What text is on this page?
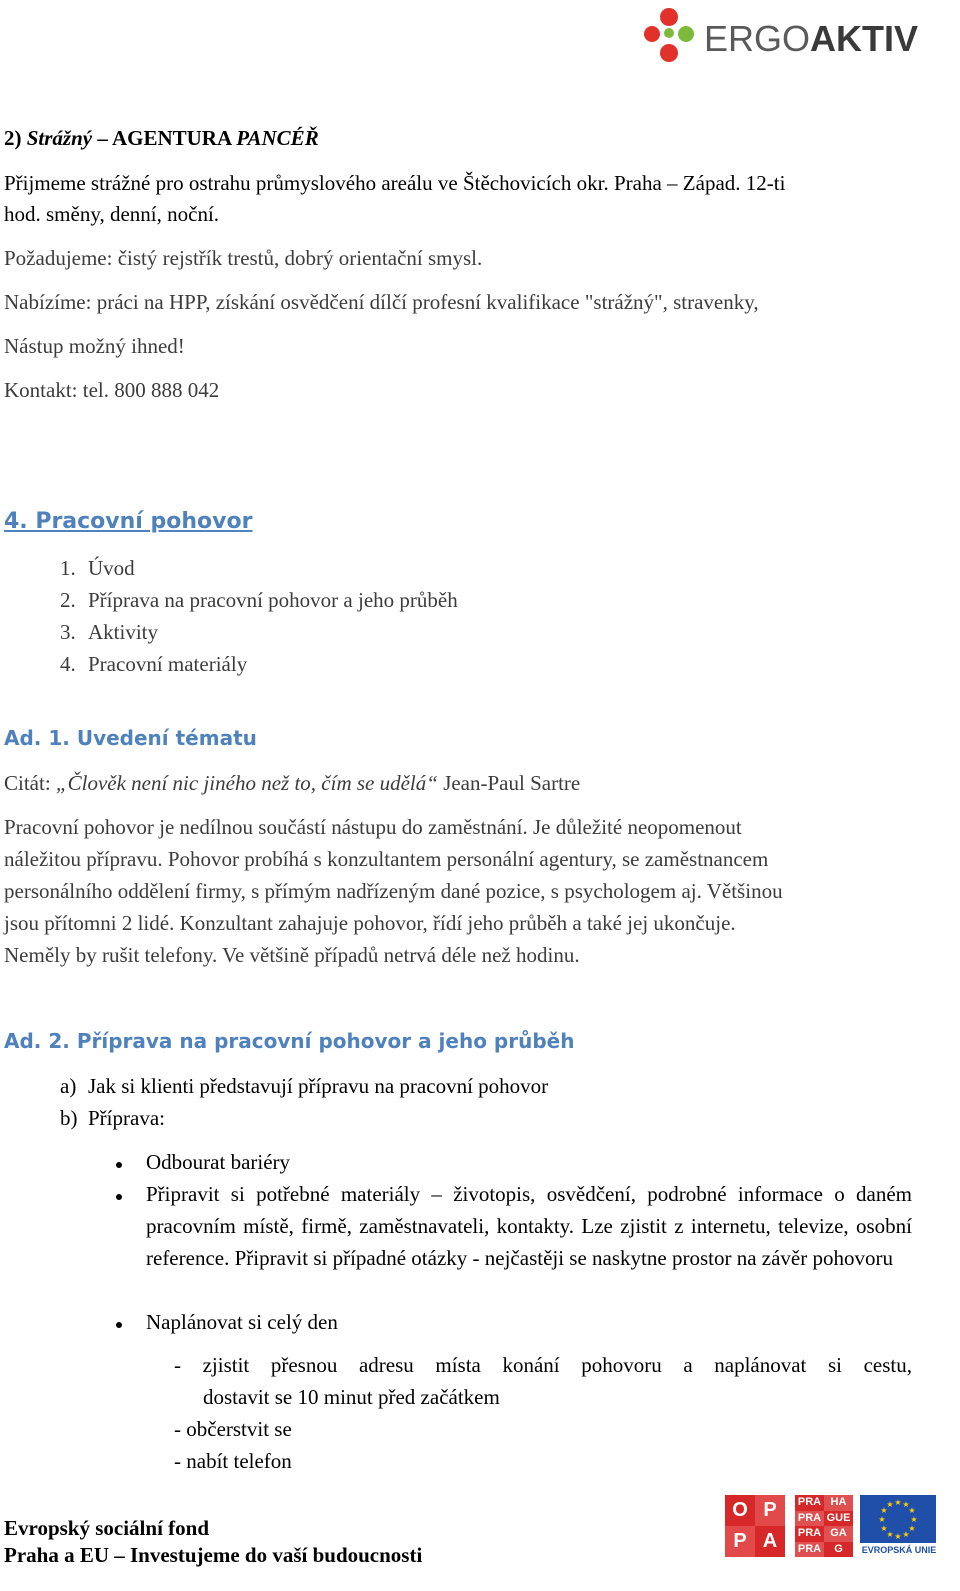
ERGOAKTIV
2) Strážný – AGENTURA PANCÉŘ
Přijmeme strážné pro ostrahu průmyslového areálu ve Štěchovicích okr. Praha – Západ. 12-ti
hod. směny, denní, noční.
Požadujeme: čistý rejstřík trestů, dobrý orientační smysl.
Nabízíme: práci na HPP, získání osvědčení dílčí profesní kvalifikace "strážný", stravenky,
Nástup možný ihned!
Kontakt: tel. 800 888 042
4. Pracovní pohovor
1. Úvod
2. Příprava na pracovní pohovor a jeho průběh
3. Aktivity
4. Pracovní materiály
Ad. 1. Uvedení tématu
Citát: „Člověk není nic jiného než to, čím se udělá“ Jean-Paul Sartre
Pracovní pohovor je nedílnou součástí nástupu do zaměstnání. Je důležité neopomenout
náležitou přípravu. Pohovor probíhá s konzultantem personální agentury, se zaměstnancem
personálního oddělení firmy, s přímým nadřízeným dané pozice, s psychologem aj. Většinou
jsou přítomni 2 lidé. Konzultant zahajuje pohovor, řídí jeho průběh a také jej ukončuje.
Neměly by rušit telefony. Ve většině případů netrvá déle než hodinu.
Ad. 2. Příprava na pracovní pohovor a jeho průběh
a) Jak si klienti představují přípravu na pracovní pohovor
b) Příprava:
Odbourat bariéry
Připravit si potřebné materiály – životopis, osvědčení, podrobné informace o daném pracovním místě, firmě, zaměstnavateli, kontakty. Lze zjistit z internetu, televize, osobní reference. Připravit si případné otázky - nejčastěji se naskytne prostor na závěr pohovoru
Naplánovat si celý den
- zjistit přesnou adresu místa konání pohovoru a naplánovat si cestu,
dostavit se 10 minut před začátkem
- občerstvit se
- nabít telefon
Evropský sociální fond
Praha a EU – Investujeme do vaší budoucnosti
O P
P A
PRA HA
PRA GUE
PRA GA
PRA	G
★ ★
★
★
★
★
★
★
★
★
★
★
EVROPSKÁ UNIE
